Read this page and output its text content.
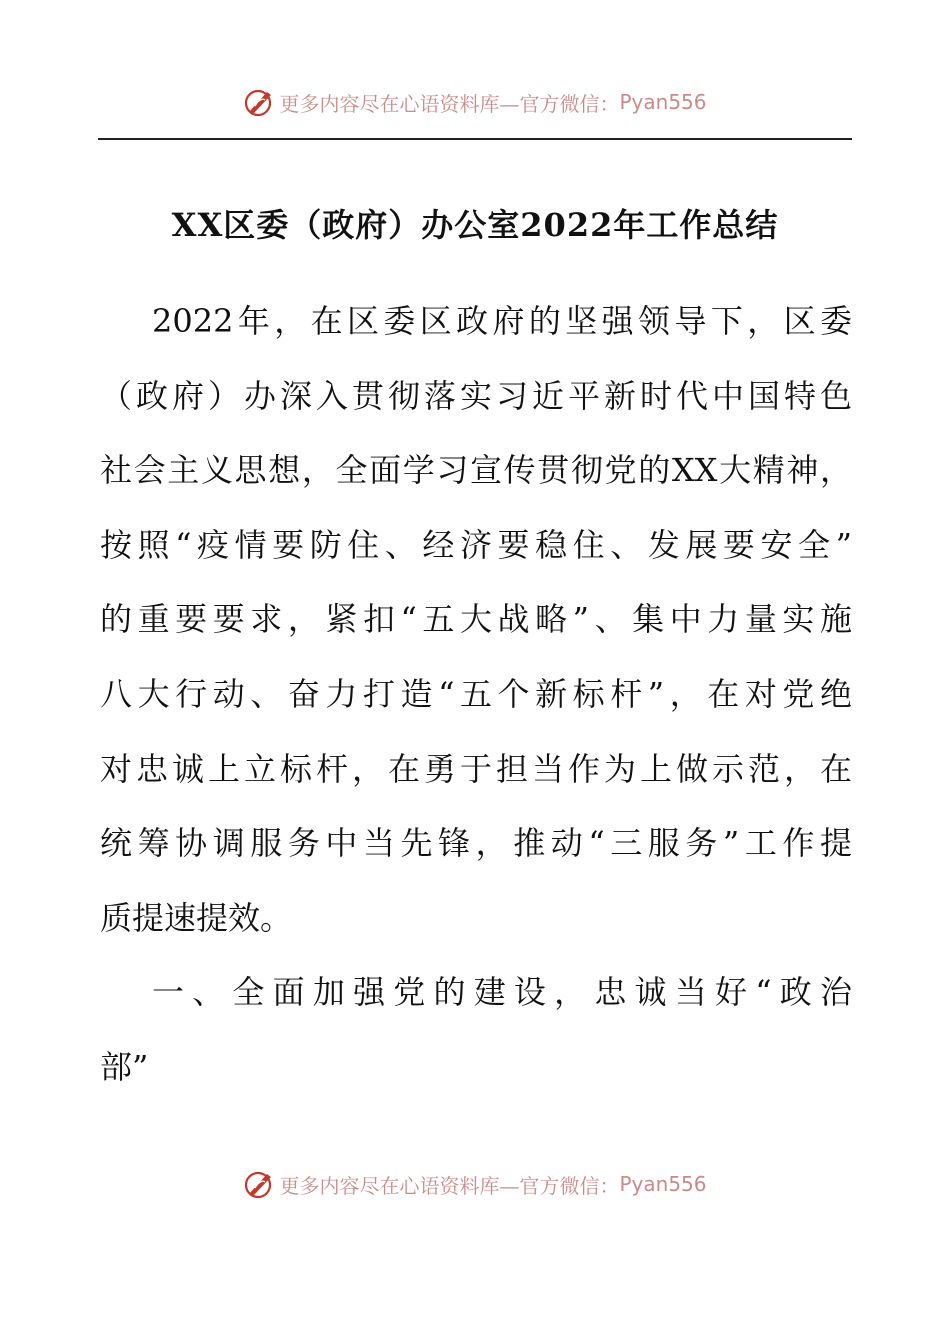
更多内容尽在心语资料库—官方微信： Pyan556
XX区委（政府）办公室2022年工作总结
2022年，在区委区政府的坚强领导下，区委
（政府）办深入贯彻落实习近平新时代中国特色
社会主义思想，全面学习宣传贯彻党的XX大精神，
按照“疫情要防住、经济要稳住、发展要安全”
的重要要求，紧扣“五大战略”、集中力量实施
八大行动、奋力打造“五个新标杆”，在对党绝
对忠诚上立标杆，在勇于担当作为上做示范，在
统筹协调服务中当先锋，推动“三服务”工作提
质提速提效。
一、全面加强党的建设，忠诚当好“政治
部”
更多内容尽在心语资料库—官方微信： Pyan556
